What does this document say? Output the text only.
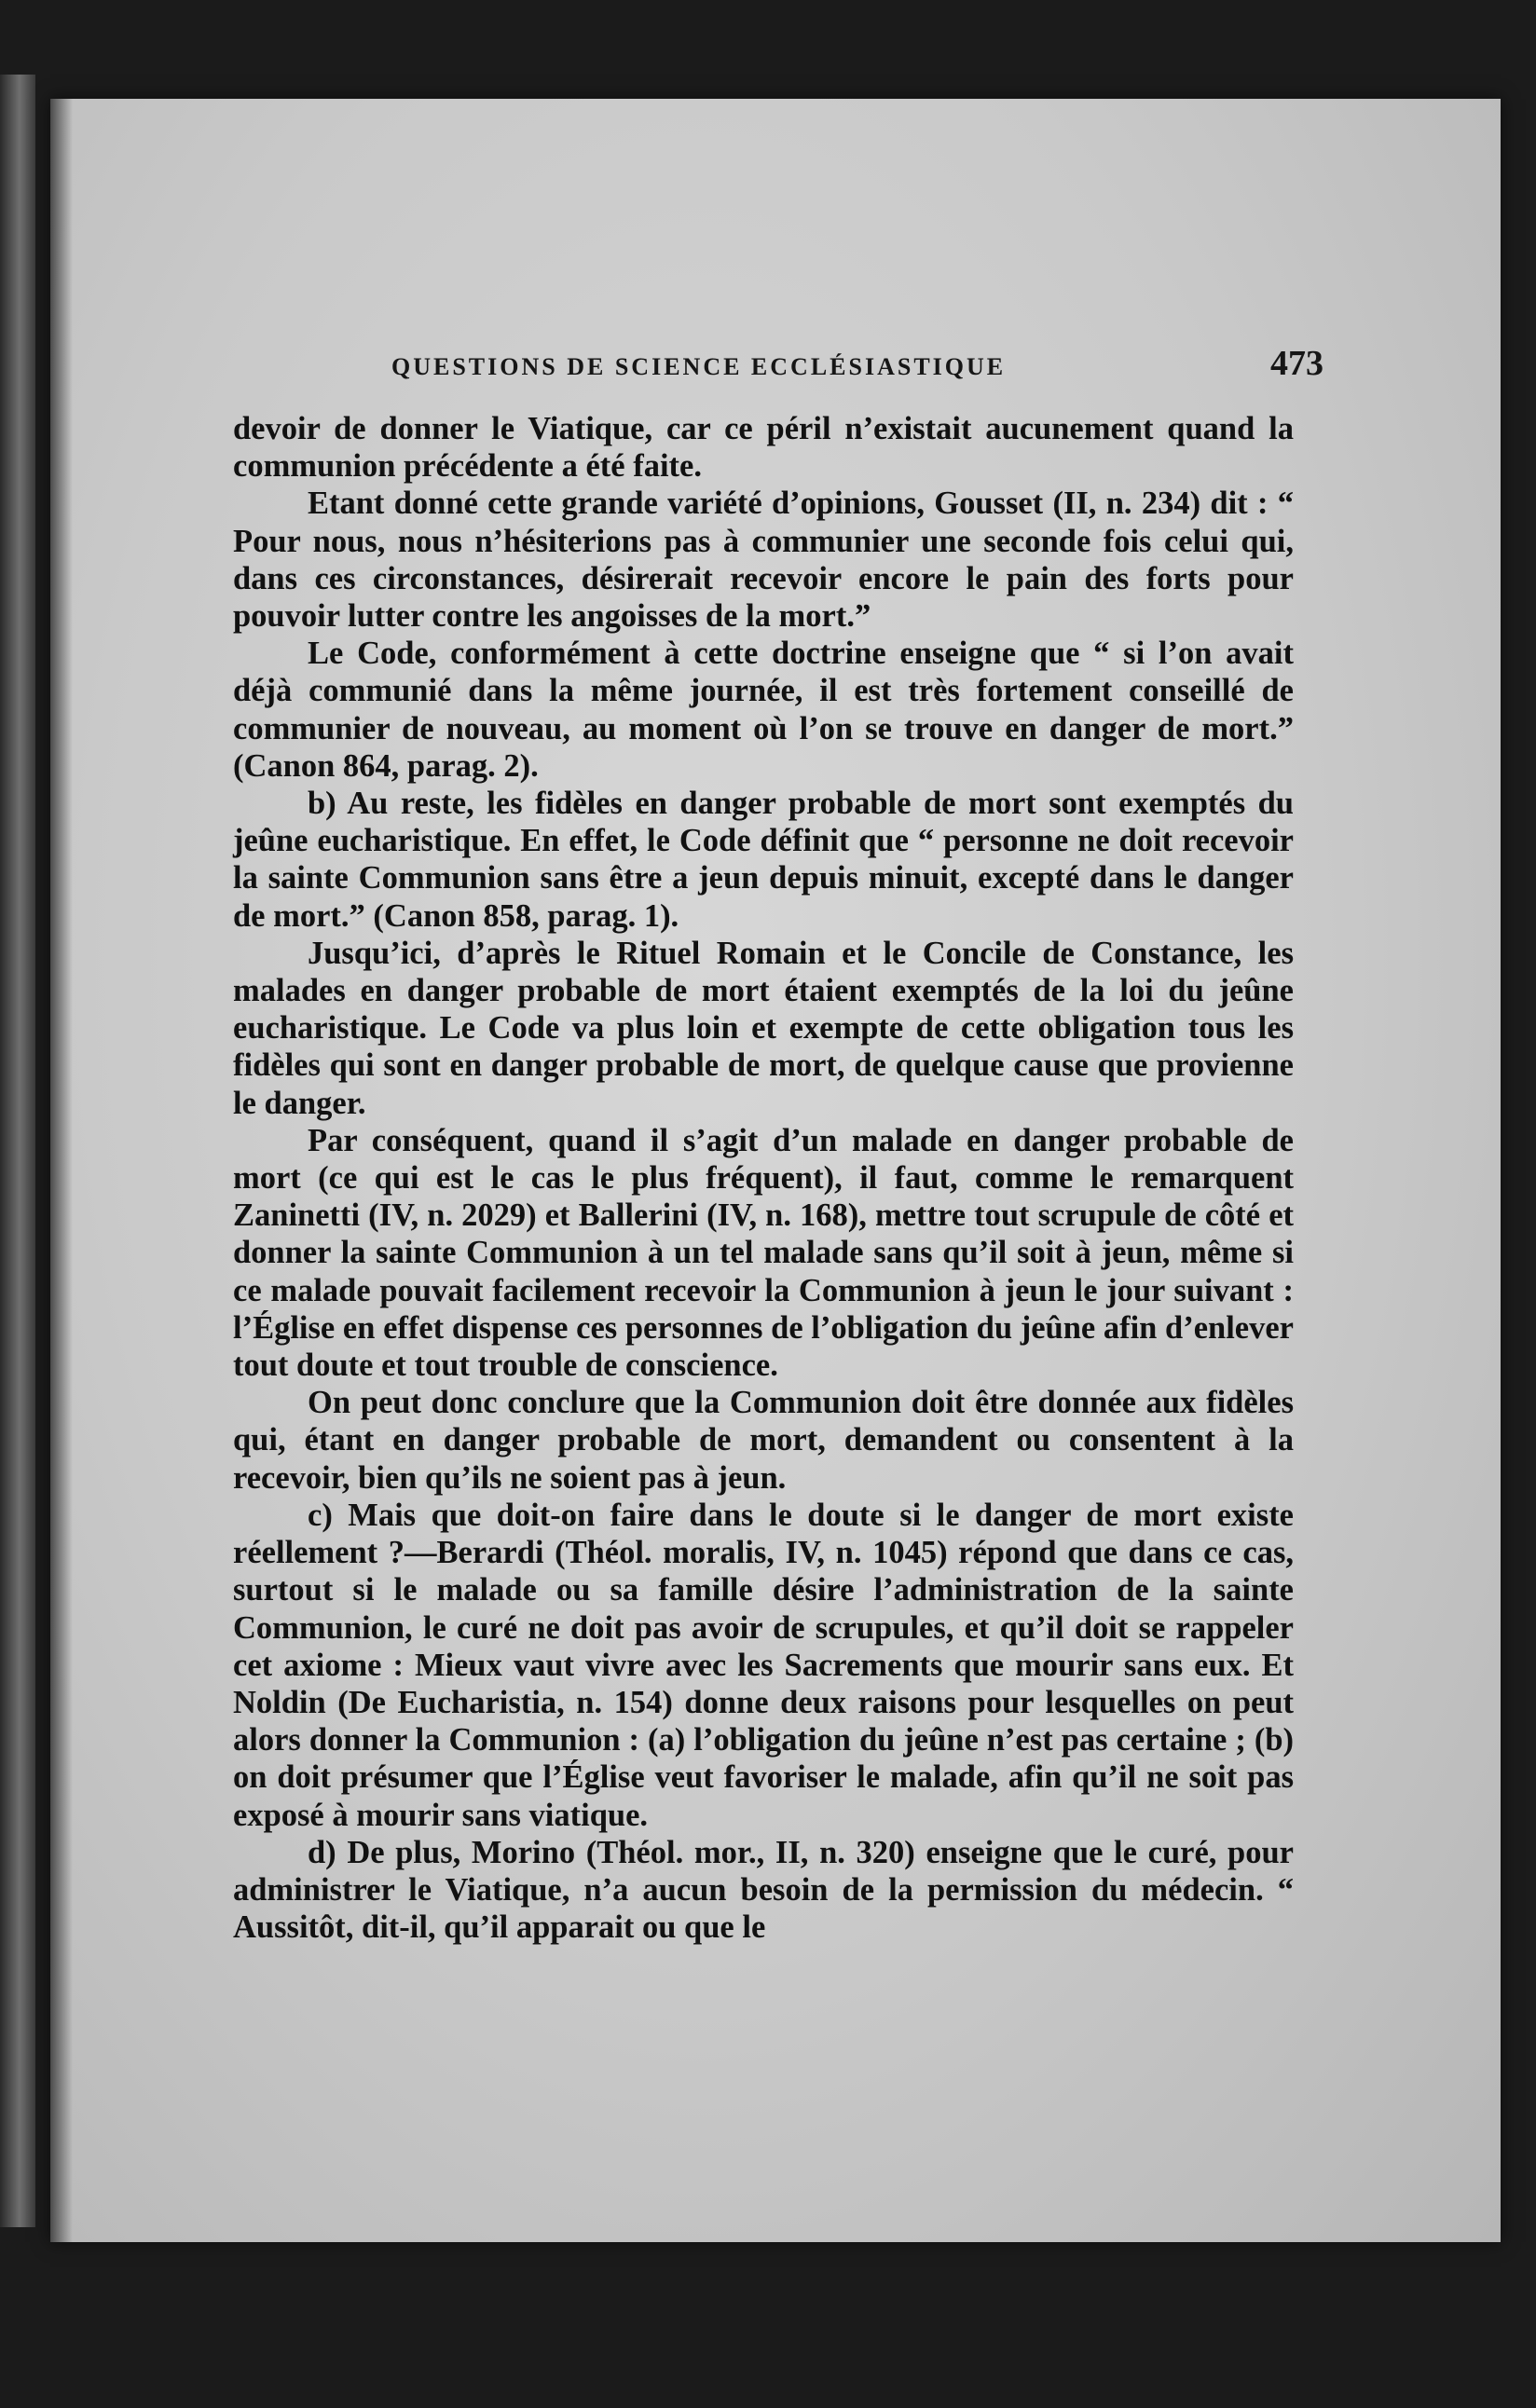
QUESTIONS DE SCIENCE ECCLÉSIASTIQUE	473

devoir de donner le Viatique, car ce péril n’existait aucunement quand la communion précédente a été faite.

Etant donné cette grande variété d’opinions, Gousset (II, n. 234) dit : “ Pour nous, nous n’hésiterions pas à communier une seconde fois celui qui, dans ces circonstances, désirerait recevoir encore le pain des forts pour pouvoir lutter contre les angoisses de la mort.”

Le Code, conformément à cette doctrine enseigne que “ si l’on avait déjà communié dans la même journée, il est très fortement conseillé de communier de nouveau, au moment où l’on se trouve en danger de mort.” (Canon 864, parag. 2).

b) Au reste, les fidèles en danger probable de mort sont exemptés du jeûne eucharistique. En effet, le Code définit que “ personne ne doit recevoir la sainte Communion sans être a jeun depuis minuit, excepté dans le danger de mort.” (Canon 858, parag. 1).

Jusqu’ici, d’après le Rituel Romain et le Concile de Constance, les malades en danger probable de mort étaient exemptés de la loi du jeûne eucharistique. Le Code va plus loin et exempte de cette obligation tous les fidèles qui sont en danger probable de mort, de quelque cause que provienne le danger.

Par conséquent, quand il s’agit d’un malade en danger probable de mort (ce qui est le cas le plus fréquent), il faut, comme le remarquent Zaninetti (IV, n. 2029) et Ballerini (IV, n. 168), mettre tout scrupule de côté et donner la sainte Communion à un tel malade sans qu’il soit à jeun, même si ce malade pouvait facilement recevoir la Communion à jeun le jour suivant : l’Église en effet dispense ces personnes de l’obligation du jeûne afin d’enlever tout doute et tout trouble de conscience.

On peut donc conclure que la Communion doit être donnée aux fidèles qui, étant en danger probable de mort, demandent ou consentent à la recevoir, bien qu’ils ne soient pas à jeun.

c) Mais que doit-on faire dans le doute si le danger de mort existe réellement ?—Berardi (Théol. moralis, IV, n. 1045) répond que dans ce cas, surtout si le malade ou sa famille désire l’administration de la sainte Communion, le curé ne doit pas avoir de scrupules, et qu’il doit se rappeler cet axiome : Mieux vaut vivre avec les Sacrements que mourir sans eux. Et Noldin (De Eucharistia, n. 154) donne deux raisons pour lesquelles on peut alors donner la Communion : (a) l’obligation du jeûne n’est pas certaine ; (b) on doit présumer que l’Église veut favoriser le malade, afin qu’il ne soit pas exposé à mourir sans viatique.

d) De plus, Morino (Théol. mor., II, n. 320) enseigne que le curé, pour administrer le Viatique, n’a aucun besoin de la permission du médecin. “ Aussitôt, dit-il, qu’il apparait ou que le
